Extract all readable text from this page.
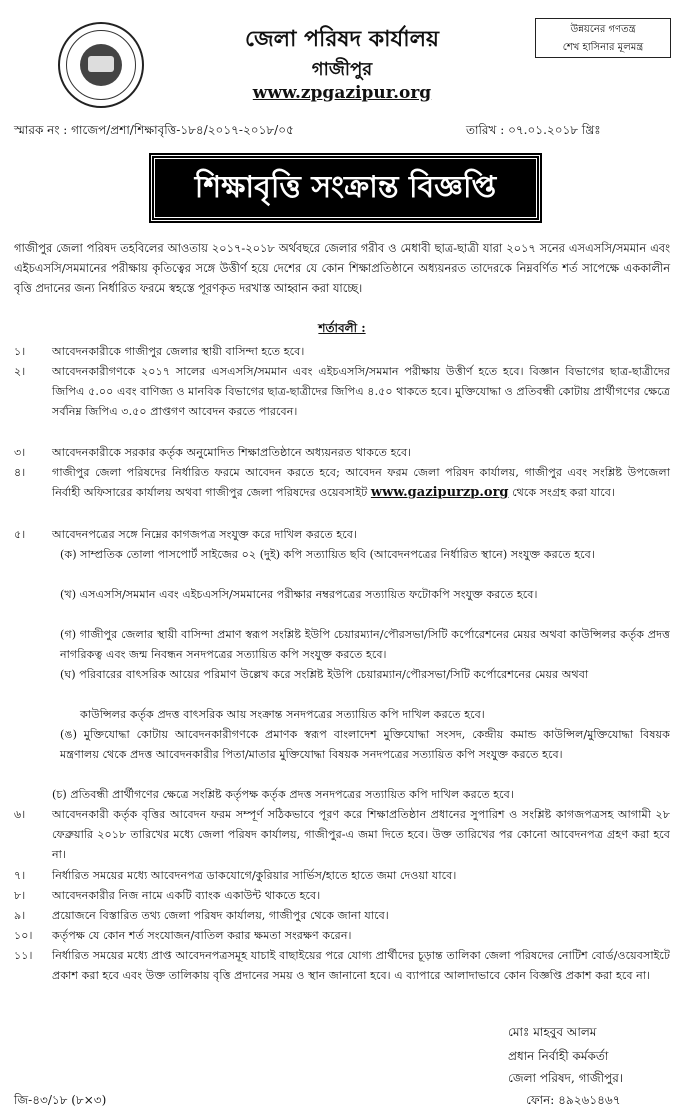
জেলা পরিষদ কার্যালয়
গাজীপুর
www.zpgazipur.org
উন্নয়নের গণতন্ত্র
শেখ হাসিনার মূলমন্ত্র
স্মারক নং : গাজেপ/প্রশা/শিক্ষাবৃত্তি-১৮৪/২০১৭-২০১৮/০৫	তারিখ : ০৭.০১.২০১৮ খ্রিঃ
শিক্ষাবৃত্তি সংক্রান্ত বিজ্ঞপ্তি
গাজীপুর জেলা পরিষদ তহবিলের আওতায় ২০১৭-২০১৮ অর্থবছরে জেলার গরীব ও মেধাবী ছাত্র-ছাত্রী যারা ২০১৭ সনের এসএসসি/সমমান এবং এইচএসসি/সমমানের পরীক্ষায় কৃতিত্বের সঙ্গে উত্তীর্ণ হয়ে দেশের যে কোন শিক্ষাপ্রতিষ্ঠানে অধ্যয়নরত তাদেরকে নিম্নবর্ণিত শর্ত সাপেক্ষে এককালীন বৃত্তি প্রদানের জন্য নির্ধারিত ফরমে স্বহস্তে পূরণকৃত দরখাস্ত আহ্বান করা যাচ্ছে।
শর্তাবলী :
১। আবেদনকারীকে গাজীপুর জেলার স্থায়ী বাসিন্দা হতে হবে।
২। আবেদনকারীগণকে ২০১৭ সালের এসএসসি/সমমান এবং এইচএসসি/সমমান পরীক্ষায় উত্তীর্ণ হতে হবে। বিজ্ঞান বিভাগের ছাত্র-ছাত্রীদের জিপিএ ৫.০০ এবং বাণিজ্য ও মানবিক বিভাগের ছাত্র-ছাত্রীদের জিপিএ ৪.৫০ থাকতে হবে। মুক্তিযোদ্ধা ও প্রতিবন্ধী কোটায় প্রার্থীগণের ক্ষেত্রে সর্বনিম্ন জিপিএ ৩.৫০ প্রাপ্তগণ আবেদন করতে পারবেন।
৩। আবেদনকারীকে সরকার কর্তৃক অনুমোদিত শিক্ষাপ্রতিষ্ঠানে অধ্যয়নরত থাকতে হবে।
৪। গাজীপুর জেলা পরিষদের নির্ধারিত ফরমে আবেদন করতে হবে; আবেদন ফরম জেলা পরিষদ কার্যালয়, গাজীপুর এবং সংশ্লিষ্ট উপজেলা নির্বাহী অফিসারের কার্যালয় অথবা গাজীপুর জেলা পরিষদের ওয়েবসাইট www.gazipurzp.org থেকে সংগ্রহ করা যাবে।
৫। আবেদনপত্রের সঙ্গে নিম্নের কাগজপত্র সংযুক্ত করে দাখিল করতে হবে।
(ক) সাম্প্রতিক তোলা পাসপোর্ট সাইজের ০২ (দুই) কপি সত্যায়িত ছবি (আবেদনপত্রের নির্ধারিত স্থানে) সংযুক্ত করতে হবে।
(খ) এসএসসি/সমমান এবং এইচএসসি/সমমানের পরীক্ষার নম্বরপত্রের সত্যায়িত ফটোকপি সংযুক্ত করতে হবে।
(গ) গাজীপুর জেলার স্থায়ী বাসিন্দা প্রমাণ স্বরূপ সংশ্লিষ্ট ইউপি চেয়ারম্যান/পৌরসভা/সিটি কর্পোরেশনের মেয়র অথবা কাউন্সিলর কর্তৃক প্রদত্ত নাগরিকত্ব এবং জন্ম নিবন্ধন সনদপত্রের সত্যায়িত কপি সংযুক্ত করতে হবে।
(ঘ) পরিবারের বাৎসরিক আয়ের পরিমাণ উল্লেখ করে সংশ্লিষ্ট ইউপি চেয়ারম্যান/পৌরসভা/সিটি কর্পোরেশনের মেয়র অথবা
কাউন্সিলর কর্তৃক প্রদত্ত বাৎসরিক আয় সংক্রান্ত সনদপত্রের সত্যায়িত কপি দাখিল করতে হবে।
(ঙ) মুক্তিযোদ্ধা কোটায় আবেদনকারীগণকে প্রমাণক স্বরূপ বাংলাদেশ মুক্তিযোদ্ধা সংসদ, কেন্দ্রীয় কমান্ড কাউন্সিল/মুক্তিযোদ্ধা বিষয়ক মন্ত্রণালয় থেকে প্রদত্ত আবেদনকারীর পিতা/মাতার মুক্তিযোদ্ধা বিষয়ক সনদপত্রের সত্যায়িত কপি সংযুক্ত করতে হবে।
(চ) প্রতিবন্ধী প্রার্থীগণের ক্ষেত্রে সংশ্লিষ্ট কর্তৃপক্ষ কর্তৃক প্রদত্ত সনদপত্রের সত্যায়িত কপি দাখিল করতে হবে।
৬। আবেদনকারী কর্তৃক বৃত্তির আবেদন ফরম সম্পূর্ণ সঠিকভাবে পূরণ করে শিক্ষাপ্রতিষ্ঠান প্রধানের সুপারিশ ও সংশ্লিষ্ট কাগজপত্রসহ আগামী ২৮ ফেব্রুয়ারি ২০১৮ তারিখের মধ্যে জেলা পরিষদ কার্যালয়, গাজীপুর-এ জমা দিতে হবে। উক্ত তারিখের পর কোনো আবেদনপত্র গ্রহণ করা হবে না।
৭। নির্ধারিত সময়ের মধ্যে আবেদনপত্র ডাকযোগে/কুরিয়ার সার্ভিস/হাতে হাতে জমা দেওয়া যাবে।
৮। আবেদনকারীর নিজ নামে একটি ব্যাংক একাউন্ট থাকতে হবে।
৯। প্রয়োজনে বিস্তারিত তথ্য জেলা পরিষদ কার্যালয়, গাজীপুর থেকে জানা যাবে।
১০। কর্তৃপক্ষ যে কোন শর্ত সংযোজন/বাতিল করার ক্ষমতা সংরক্ষণ করেন।
১১। নির্ধারিত সময়ের মধ্যে প্রাপ্ত আবেদনপত্রসমূহ যাচাই বাছাইয়ের পরে যোগ্য প্রার্থীদের চূড়ান্ত তালিকা জেলা পরিষদের নোটিশ বোর্ড/ওয়েবসাইটে প্রকাশ করা হবে এবং উক্ত তালিকায় বৃত্তি প্রদানের সময় ও স্থান জানানো হবে। এ ব্যাপারে আলাদাভাবে কোন বিজ্ঞপ্তি প্রকাশ করা হবে না।
মোঃ মাহবুব আলম
প্রধান নির্বাহী কর্মকর্তা
জেলা পরিষদ, গাজীপুর।
ফোন: ৪৯২৬১৪৬৭
জি-৪৩/১৮ (৮×৩)
